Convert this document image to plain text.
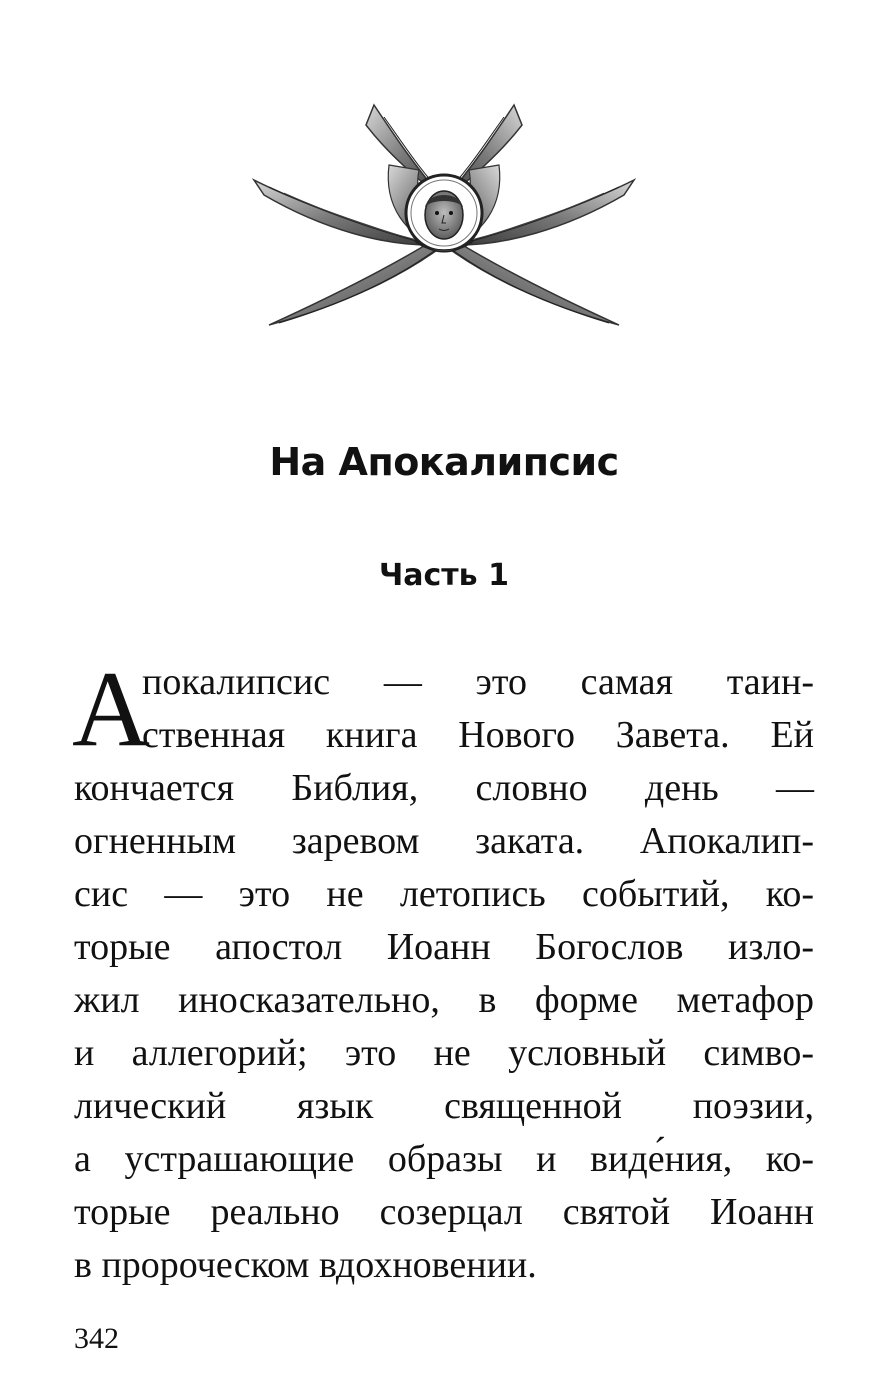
На Апокалипсис
Часть 1
А
покалипсис — это самая таин-
ственная книга Нового Завета. Ей
кончается Библия, словно день —
огненным заревом заката. Апокалип-
сис — это не летопись событий, ко-
торые апостол Иоанн Богослов изло-
жил иносказательно, в форме метафор
и аллегорий; это не условный симво-
лический язык священной поэзии,
а устрашающие образы и виде́ния, ко-
торые реально созерцал святой Иоанн
в пророческом вдохновении.
342
